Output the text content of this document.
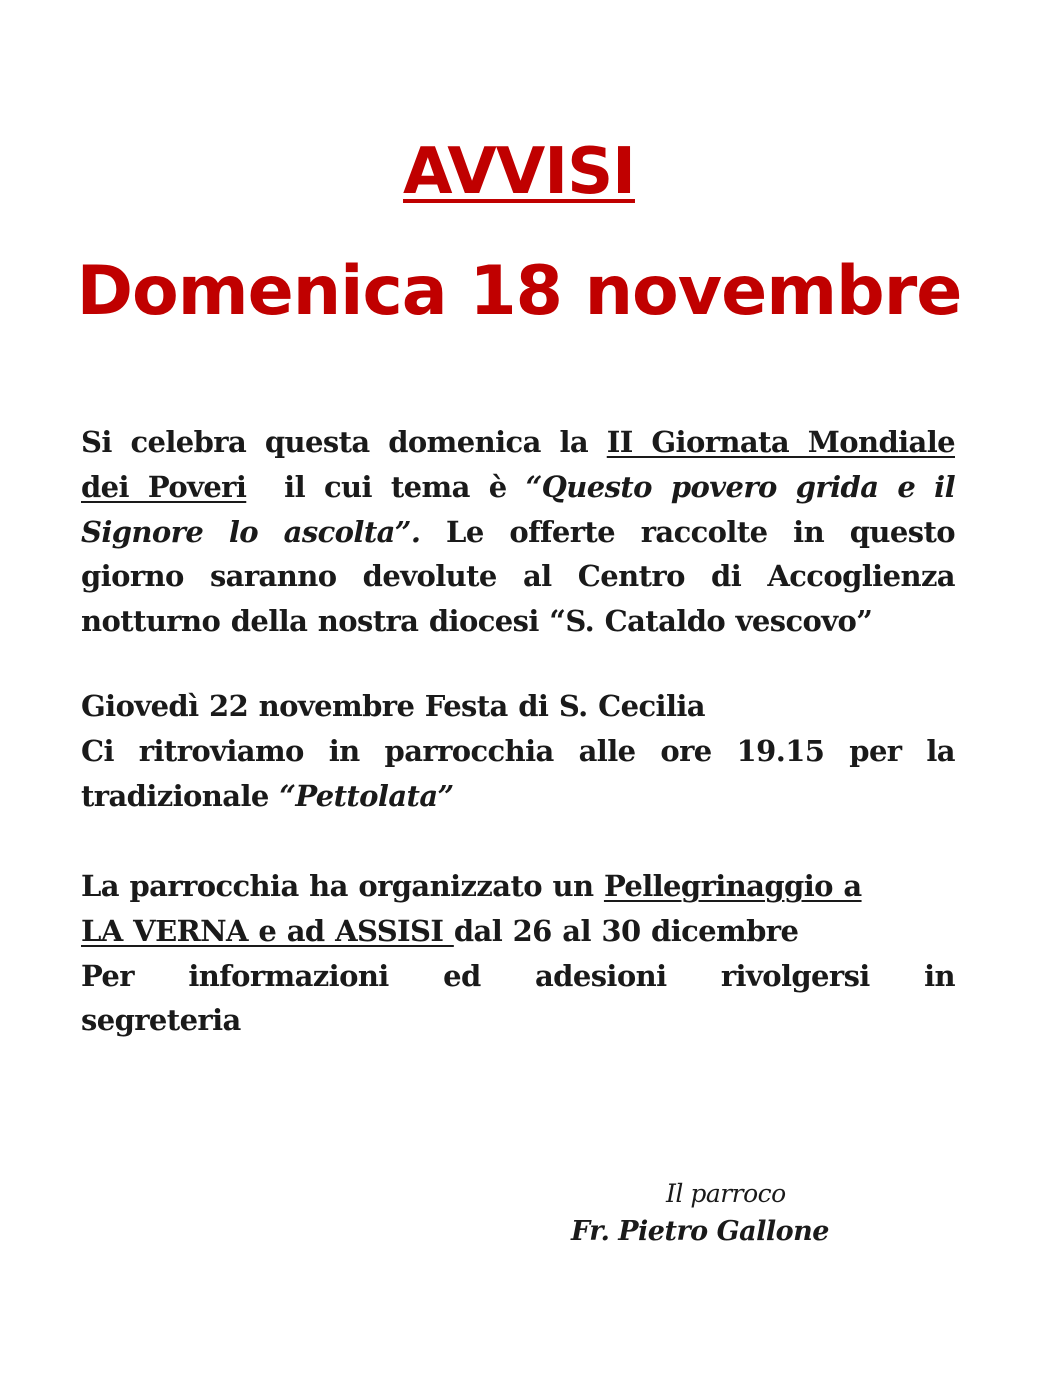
AVVISI
Domenica 18 novembre
Si celebra questa domenica la II Giornata Mondiale
dei Poveri  il cui tema è “Questo povero grida e il
Signore lo ascolta”. Le offerte raccolte in questo
giorno saranno devolute al Centro di Accoglienza
notturno della nostra diocesi “S. Cataldo vescovo”
Giovedì 22 novembre Festa di S. Cecilia
Ci ritroviamo in parrocchia alle ore 19.15 per la
tradizionale “Pettolata”
La parrocchia ha organizzato un Pellegrinaggio a
LA VERNA e ad ASSISI dal 26 al 30 dicembre
Per informazioni ed adesioni rivolgersi in
segreteria
Il parroco
Fr. Pietro Gallone
